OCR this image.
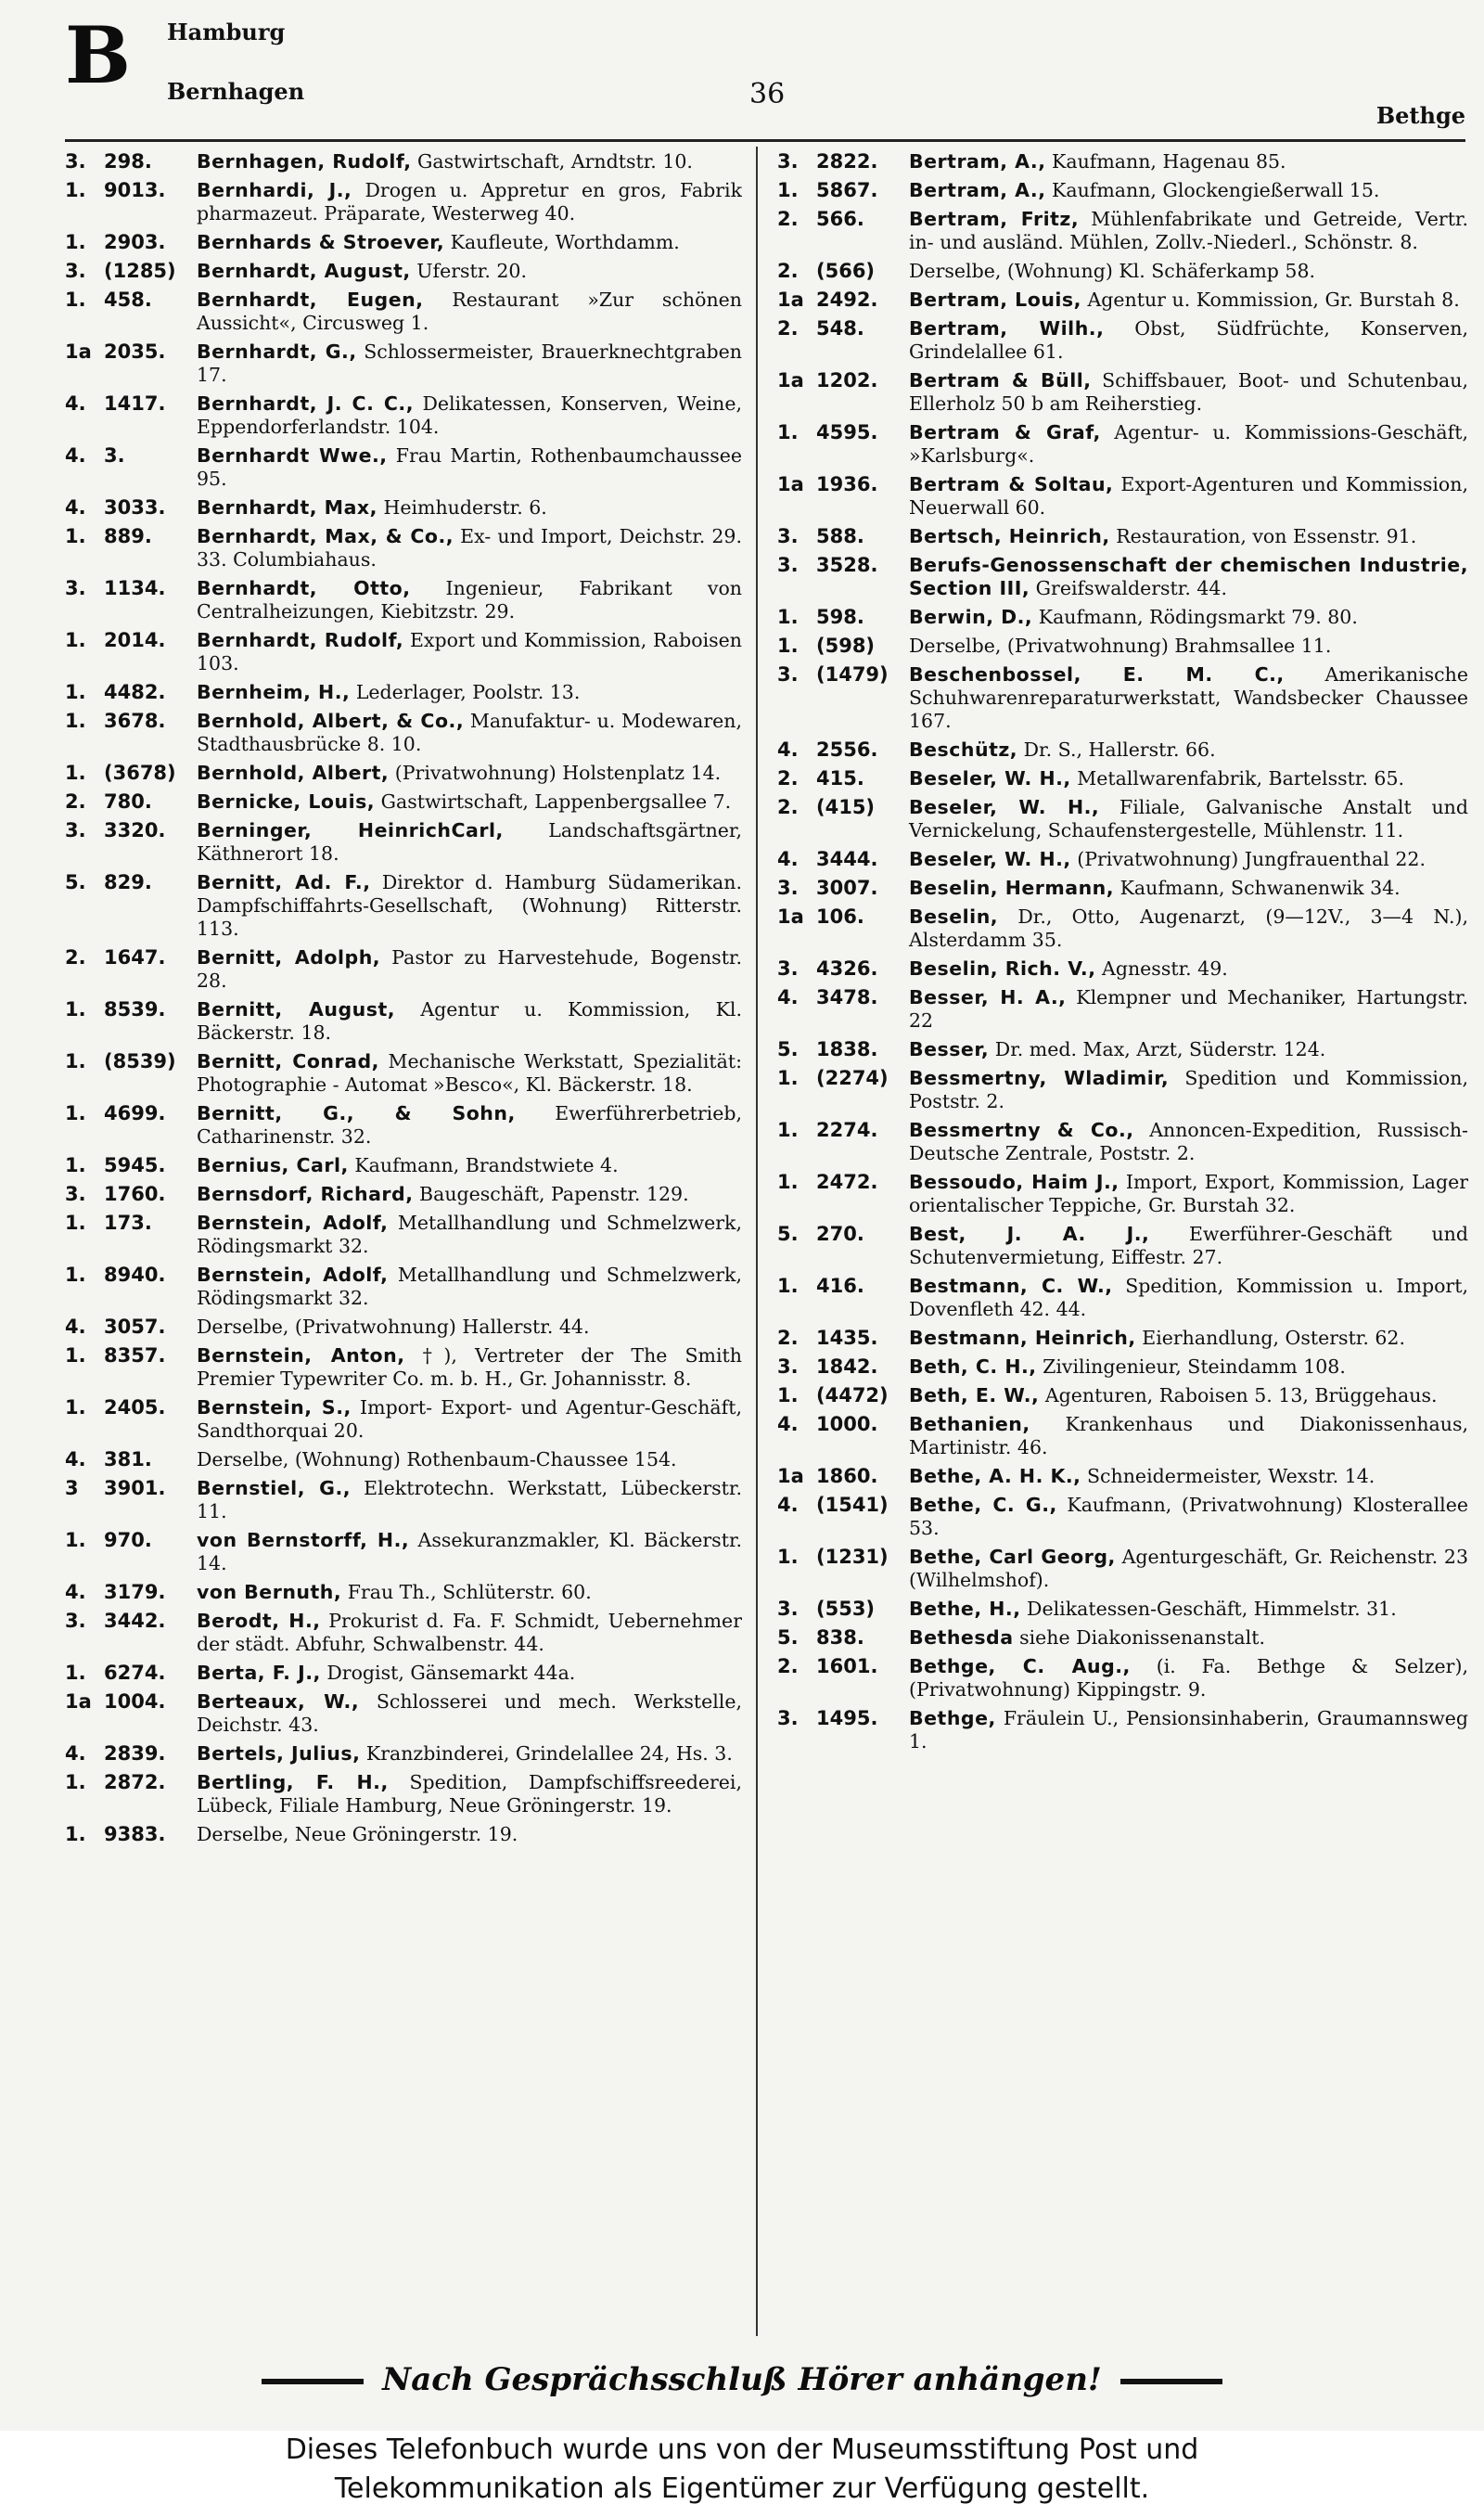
B Hamburg
Bernhagen	36
Bethge
3. 298.	Bernhagen, Rudolf, Gastwirtschaft, Arndtstr. 10.
1. 9013.	Bernhardi, J., Drogen u. Appretur en gros, Fabrik pharmazeut. Präparate, Westerweg 40.
1. 2903.	Bernhards & Stroever, Kaufleute, Worthdamm.
3. (1285)	Bernhardt, August, Uferstr. 20.
1. 458.	Bernhardt, Eugen, Restaurant »Zur schönen Aussicht«, Circusweg 1.
1a 2035.	Bernhardt, G., Schlossermeister, Brauerknechtgraben 17.
4. 1417.	Bernhardt, J. C. C., Delikatessen, Konserven, Weine, Eppendorferlandstr. 104.
4. 3.	Bernhardt Wwe., Frau Martin, Rothenbaumchaussee 95.
4. 3033.	Bernhardt, Max, Heimhuderstr. 6.
1. 889.	Bernhardt, Max, & Co., Ex- und Import, Deichstr. 29. 33. Columbiahaus.
3. 1134.	Bernhardt, Otto, Ingenieur, Fabrikant von Centralheizungen, Kiebitzstr. 29.
1. 2014.	Bernhardt, Rudolf, Export und Kommission, Raboisen 103.
1. 4482.	Bernheim, H., Lederlager, Poolstr. 13.
1. 3678.	Bernhold, Albert, & Co., Manufaktur- u. Modewaren, Stadthausbrücke 8. 10.
1. (3678)	Bernhold, Albert, (Privatwohnung) Holstenplatz 14.
2. 780.	Bernicke, Louis, Gastwirtschaft, Lappenbergsallee 7.
3. 3320.	Berninger, HeinrichCarl, Landschaftsgärtner, Käthnerort 18.
5. 829.	Bernitt, Ad. F., Direktor d. Hamburg Südamerikan. Dampfschiffahrts-Gesellschaft, (Wohnung) Ritterstr. 113.
2. 1647.	Bernitt, Adolph, Pastor zu Harvestehude, Bogenstr. 28.
1. 8539.	Bernitt, August, Agentur u. Kommission, Kl. Bäckerstr. 18.
1. (8539)	Bernitt, Conrad, Mechanische Werkstatt, Spezialität: Photographie - Automat »Besco«, Kl. Bäckerstr. 18.
1. 4699.	Bernitt, G., & Sohn, Ewerführerbetrieb, Catharinenstr. 32.
1. 5945.	Bernius, Carl, Kaufmann, Brandstwiete 4.
3. 1760.	Bernsdorf, Richard, Baugeschäft, Papenstr. 129.
1. 173.	Bernstein, Adolf, Metallhandlung und Schmelzwerk, Rödingsmarkt 32.
1. 8940.	Bernstein, Adolf, Metallhandlung und Schmelzwerk, Rödingsmarkt 32.
4. 3057.	Derselbe, (Privatwohnung) Hallerstr. 44.
1. 8357.	Bernstein, Anton, †), Vertreter der The Smith Premier Typewriter Co. m. b. H., Gr. Johannisstr. 8.
1. 2405.	Bernstein, S., Import- Export- und Agentur-Geschäft, Sandthorquai 20.
4. 381.	Derselbe, (Wohnung) Rothenbaum-Chaussee 154.
3	3901.	Bernstiel, G., Elektrotechn. Werkstatt, Lübeckerstr. 11.
1. 970.	von Bernstorff, H., Assekuranzmakler, Kl. Bäckerstr. 14.
4. 3179.	von Bernuth, Frau Th., Schlüterstr. 60.
3. 3442.	Berodt, H., Prokurist d. Fa. F. Schmidt, Uebernehmer der städt. Abfuhr, Schwalbenstr. 44.
1. 6274.	Berta, F. J., Drogist, Gänsemarkt 44a.
1a 1004.	Berteaux, W., Schlosserei und mech. Werkstelle, Deichstr. 43.
4. 2839.	Bertels, Julius, Kranzbinderei, Grindelallee 24, Hs. 3.
1. 2872.	Bertling, F. H., Spedition, Dampfschiffsreederei, Lübeck, Filiale Hamburg, Neue Gröningerstr. 19.
1. 9383.	Derselbe, Neue Gröningerstr. 19.
3. 2822.	Bertram, A., Kaufmann, Hagenau 85.
1. 5867.	Bertram, A., Kaufmann, Glockengießerwall 15.
2. 566.	Bertram, Fritz, Mühlenfabrikate und Getreide, Vertr. in- und ausländ. Mühlen, Zollv.-Niederl., Schönstr. 8.
2. (566)	Derselbe, (Wohnung) Kl. Schäferkamp 58.
1a 2492.	Bertram, Louis, Agentur u. Kommission, Gr. Burstah 8.
2. 548.	Bertram, Wilh., Obst, Südfrüchte, Konserven, Grindelallee 61.
1a 1202.	Bertram & Büll, Schiffsbauer, Boot- und Schutenbau, Ellerholz 50 b am Reiherstieg.
1. 4595.	Bertram & Graf, Agentur- u. Kommissions-Geschäft, »Karlsburg«.
1a 1936.	Bertram & Soltau, Export-Agenturen und Kommission, Neuerwall 60.
3. 588.	Bertsch, Heinrich, Restauration, von Essenstr. 91.
3. 3528.	Berufs-Genossenschaft der chemischen Industrie, Section III, Greifswalderstr. 44.
1. 598.	Berwin, D., Kaufmann, Rödingsmarkt 79. 80.
1. (598)	Derselbe, (Privatwohnung) Brahmsallee 11.
3. (1479)	Beschenbossel, E. M. C., Amerikanische Schuhwarenreparaturwerkstatt, Wandsbecker Chaussee 167.
4. 2556.	Beschütz, Dr. S., Hallerstr. 66.
2. 415.	Beseler, W. H., Metallwarenfabrik, Bartelsstr. 65.
2. (415)	Beseler, W. H., Filiale, Galvanische Anstalt und Vernickelung, Schaufenstergestelle, Mühlenstr. 11.
4. 3444.	Beseler, W. H., (Privatwohnung) Jungfrauenthal 22.
3. 3007.	Beselin, Hermann, Kaufmann, Schwanenwik 34.
1a 106.	Beselin, Dr., Otto, Augenarzt, (9—12V., 3—4 N.), Alsterdamm 35.
3. 4326.	Beselin, Rich. V., Agnesstr. 49.
4. 3478.	Besser, H. A., Klempner und Mechaniker, Hartungstr. 22
5. 1838.	Besser, Dr. med. Max, Arzt, Süderstr. 124.
1. (2274)	Bessmertny, Wladimir, Spedition und Kommission, Poststr. 2.
1. 2274.	Bessmertny & Co., Annoncen-Expedition, Russisch-Deutsche Zentrale, Poststr. 2.
1. 2472.	Bessoudo, Haim J., Import, Export, Kommission, Lager orientalischer Teppiche, Gr. Burstah 32.
5. 270.	Best, J. A. J., Ewerführer-Geschäft und Schutenvermietung, Eiffestr. 27.
1. 416.	Bestmann, C. W., Spedition, Kommission u. Import, Dovenfleth 42. 44.
2. 1435.	Bestmann, Heinrich, Eierhandlung, Osterstr. 62.
3. 1842.	Beth, C. H., Zivilingenieur, Steindamm 108.
1. (4472)	Beth, E. W., Agenturen, Raboisen 5. 13, Brüggehaus.
4. 1000.	Bethanien, Krankenhaus und Diakonissenhaus, Martinistr. 46.
1a 1860.	Bethe, A. H. K., Schneidermeister, Wexstr. 14.
4. (1541)	Bethe, C. G., Kaufmann, (Privatwohnung) Klosterallee 53.
1. (1231)	Bethe, Carl Georg, Agenturgeschäft, Gr. Reichenstr. 23 (Wilhelmshof).
3. (553)	Bethe, H., Delikatessen-Geschäft, Himmelstr. 31.
5. 838.	Bethesda siehe Diakonissenanstalt.
2. 1601.	Bethge, C. Aug., (i. Fa. Bethge & Selzer), (Privatwohnung) Kippingstr. 9.
3. 1495.	Bethge, Fräulein U., Pensionsinhaberin, Graumannsweg 1.
Nach Gesprächsschluß Hörer anhängen!
Dieses Telefonbuch wurde uns von der Museumsstiftung Post und
Telekommunikation als Eigentümer zur Verfügung gestellt.
